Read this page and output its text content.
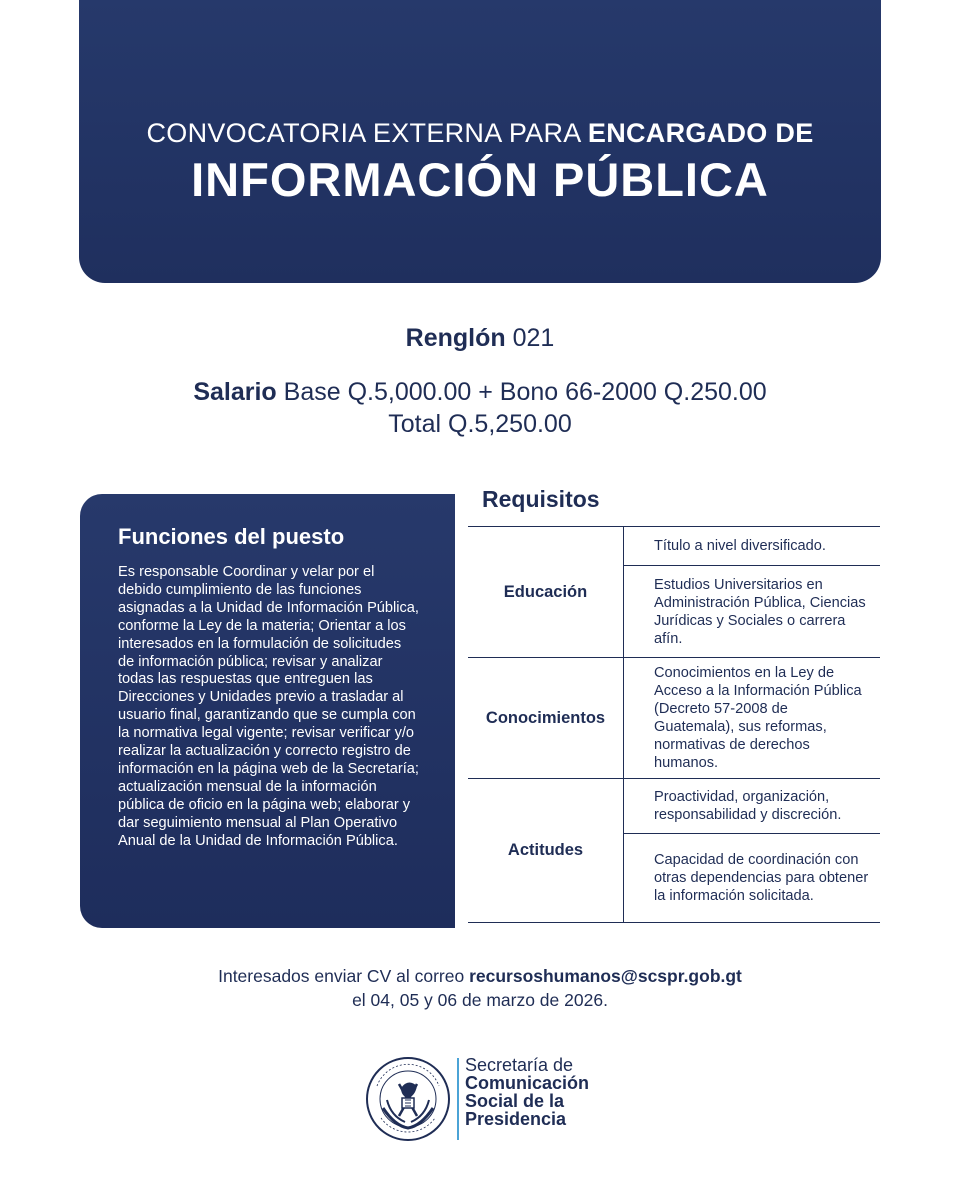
CONVOCATORIA EXTERNA PARA ENCARGADO DE
INFORMACIÓN PÚBLICA
Renglón 021
Salario Base Q.5,000.00 + Bono 66-2000 Q.250.00
Total Q.5,250.00
Funciones del puesto

Es responsable Coordinar y velar por el debido cumplimiento de las funciones asignadas a la Unidad de Información Pública, conforme la Ley de la materia; Orientar a los interesados en la formulación de solicitudes de información pública; revisar y analizar todas las respuestas que entreguen las Direcciones y Unidades previo a trasladar al usuario final, garantizando que se cumpla con la normativa legal vigente; revisar verificar y/o realizar la actualización y correcto registro de información en la página web de la Secretaría; actualización mensual de la información pública de oficio en la página web; elaborar y dar seguimiento mensual al Plan Operativo Anual de la Unidad de Información Pública.

Requisitos
Educación	Título a nivel diversificado.
	Estudios Universitarios en Administración Pública, Ciencias Jurídicas y Sociales o carrera afín.
Conocimientos	Conocimientos en la Ley de Acceso a la Información Pública (Decreto 57-2008 de Guatemala), sus reformas, normativas de derechos humanos.
Actitudes	Proactividad, organización, responsabilidad y discreción.
	Capacidad de coordinación con otras dependencias para obtener la información solicitada.
Interesados enviar CV al correo recursoshumanos@scspr.gob.gt
el 04, 05 y 06 de marzo de 2026.
Secretaría de
Comunicación
Social de la
Presidencia
